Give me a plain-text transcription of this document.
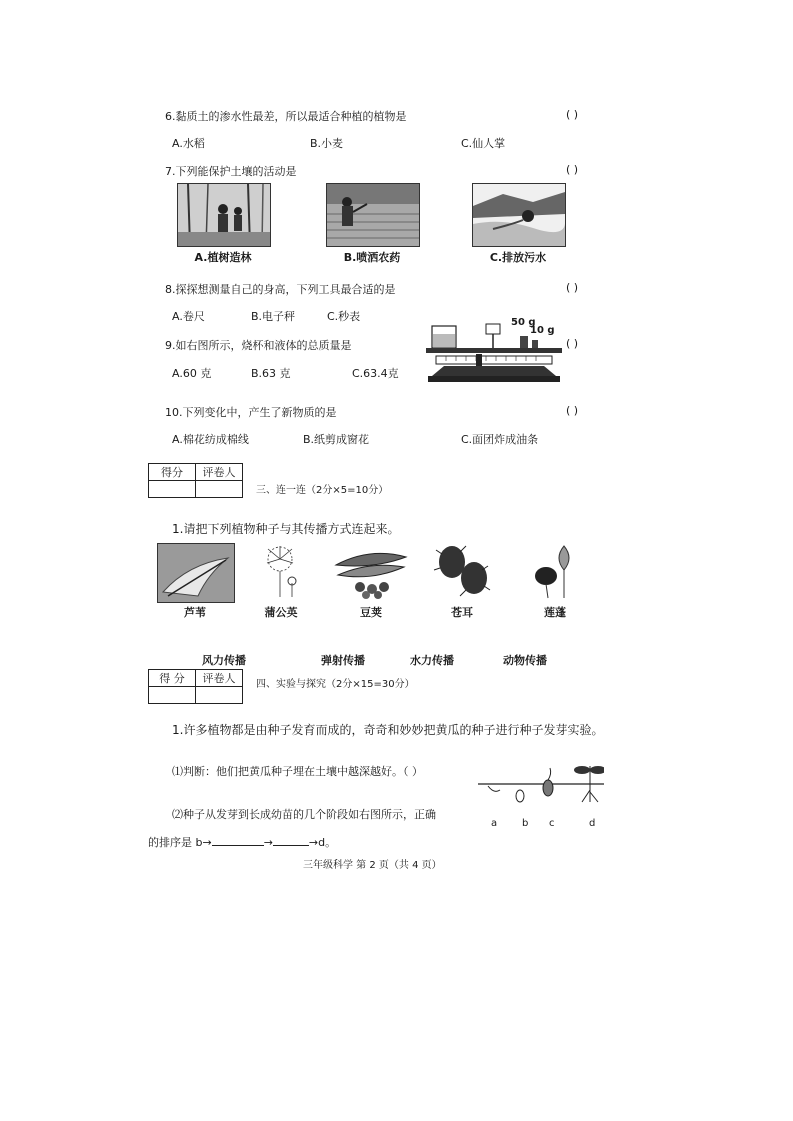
6.黏质土的渗水性最差，所以最适合种植的植物是	( )
A.水稻	B.小麦	C.仙人掌
7.下列能保护土壤的活动是	( )
A.植树造林	B.喷洒农药	C.排放污水
8.探探想测量自己的身高，下列工具最合适的是	( )
A.卷尺	B.电子秤	C.秒表	50 g
10 g
9.如右图所示，烧杯和液体的总质量是	( )
A.60 克	B.63 克	C.63.4克
10.下列变化中，产生了新物质的是	( )
A.棉花纺成棉线	B.纸剪成窗花	C.面团炸成油条
得分	评卷人

三、连一连（2分×5=10分）
1.请把下列植物种子与其传播方式连起来。
芦苇	蒲公英	豆荚	苍耳	莲蓬
风力传播	弹射传播	水力传播	动物传播
得 分	评卷人
	四、实验与探究（2分×15=30分）
1.许多植物都是由种子发育而成的，奇奇和妙妙把黄瓜的种子进行种子发芽实验。
⑴判断：他们把黄瓜种子埋在土壤中越深越好。（ ）
a b c	d
⑵种子从发芽到长成幼苗的几个阶段如右图所示，正确
的排序是 b→	→	→d。
三年级科学 第 2 页（共 4 页）
